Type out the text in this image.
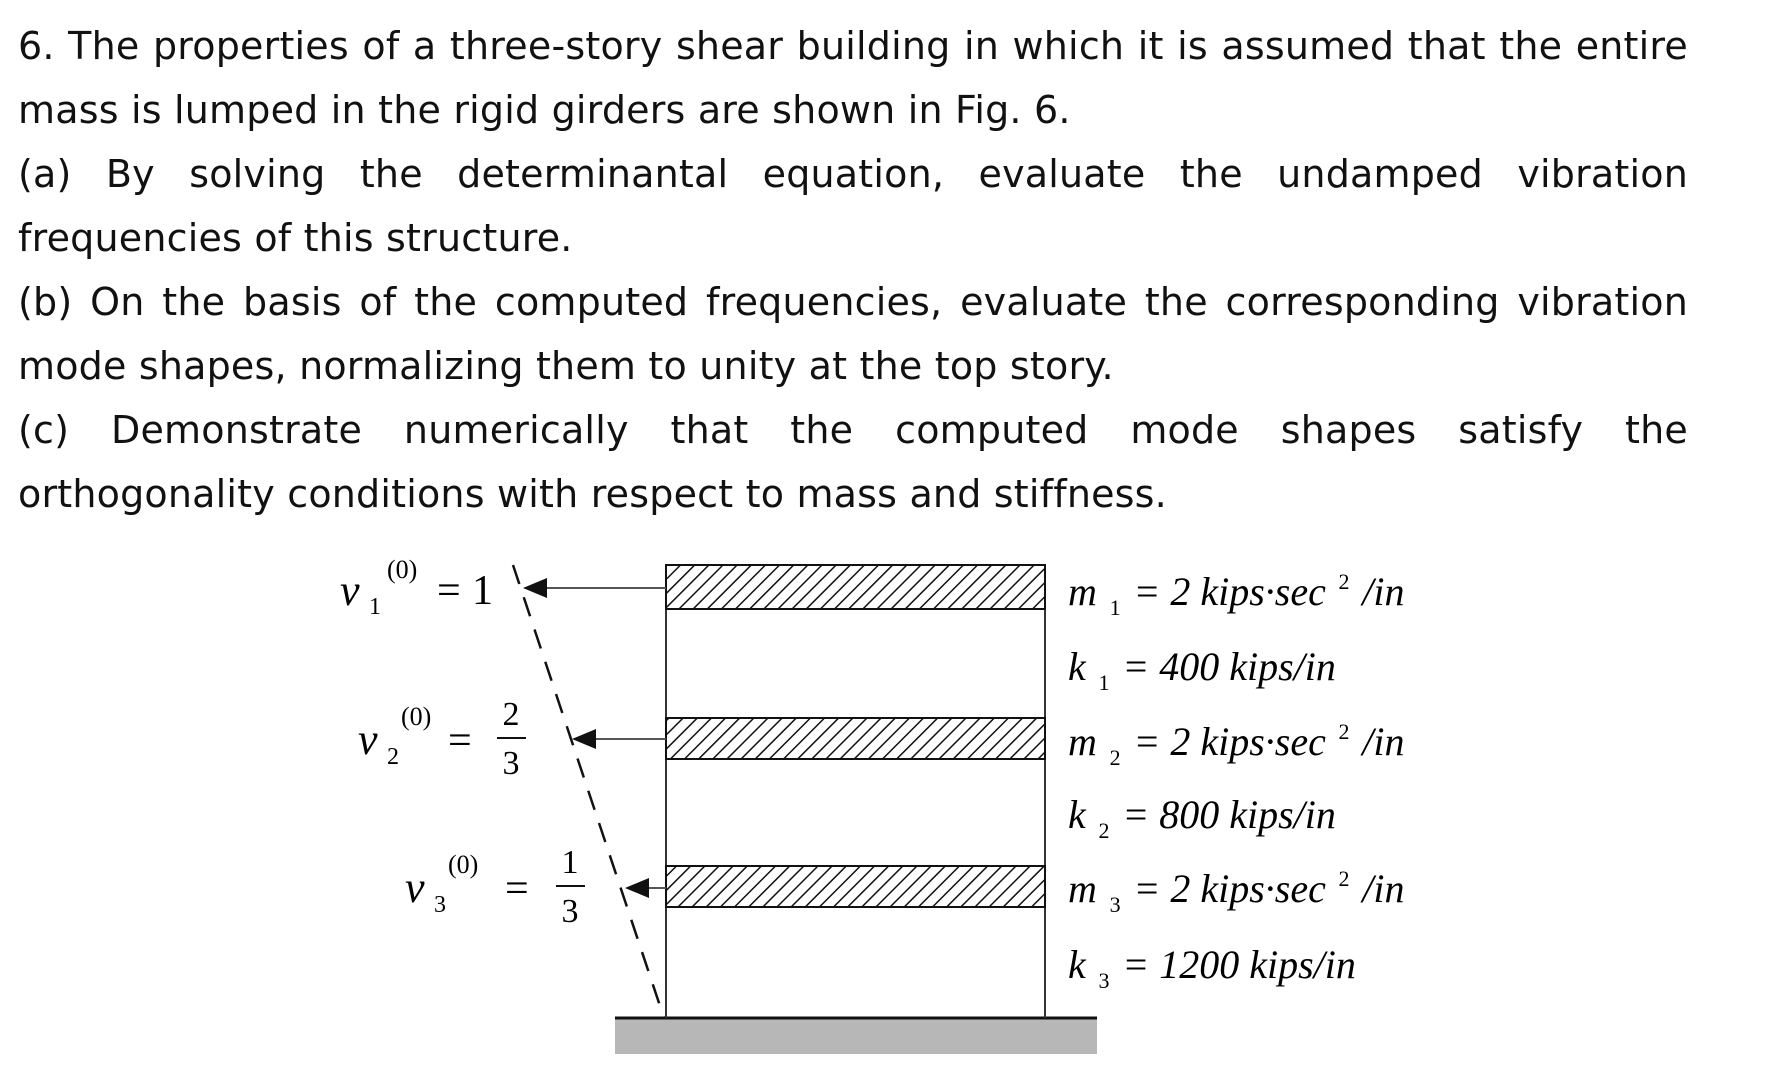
6. The properties of a three-story shear building in which it is assumed that the entire mass is lumped in the rigid girders are shown in Fig. 6.

(a) By solving the determinantal equation, evaluate the undamped vibration frequencies of this structure.

(b) On the basis of the computed frequencies, evaluate the corresponding vibration mode shapes, normalizing them to unity at the top story.

(c) Demonstrate numerically that the computed mode shapes satisfy the orthogonality conditions with respect to mass and stiffness.

v 1
(0) = 1
v 2
(0)
=
2
3
v 3
(0)
=
1
3
m $_1$ = 2 kips·sec $^2$ /in
k $_1$ = 400 kips/in
m $_2$ = 2 kips·sec $^2$ /in
k $_2$ = 800 kips/in
m $_3$ = 2 kips·sec $^2$ /in
k $_3$ = 1200 kips/in
